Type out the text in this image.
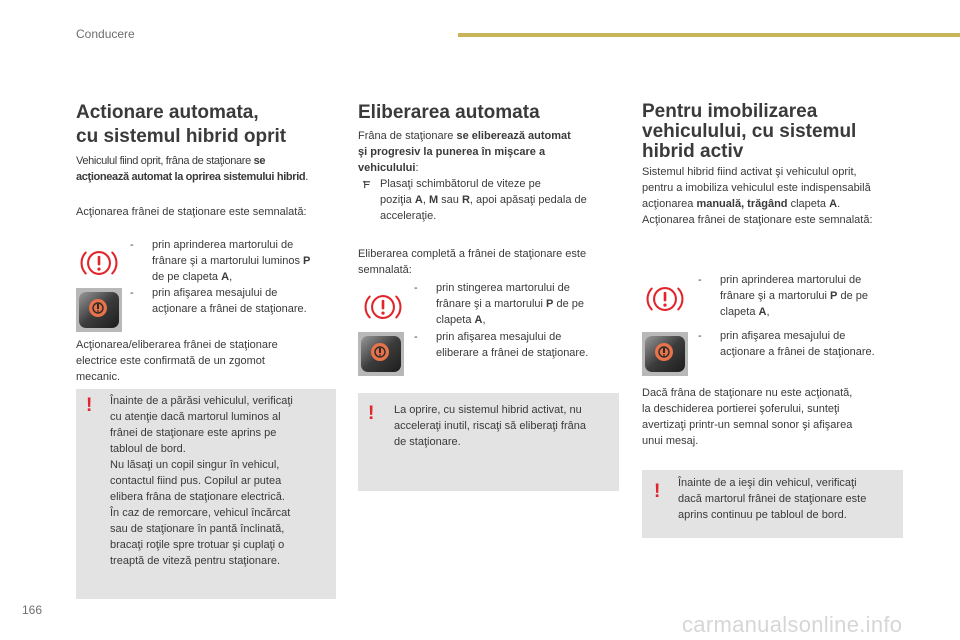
Conducere
Actionare automata,
cu sistemul hibrid oprit
Vehiculul fiind oprit, frâna de staţionare se
acţionează automat la oprirea sistemului hibrid.
Acţionarea frânei de staţionare este semnalată:
- prin aprinderea martorului de
frânare şi a martorului luminos P
de pe clapeta A,
- prin afişarea mesajului de
acţionare a frânei de staţionare.
Acţionarea/eliberarea frânei de staţionare
electrice este confirmată de un zgomot
mecanic.
! Înainte de a părăsi vehiculul, verificaţi
cu atenţie dacă martorul luminos al
frânei de staţionare este aprins pe
tabloul de bord.
Nu lăsaţi un copil singur în vehicul,
contactul fiind pus. Copilul ar putea
elibera frâna de staţionare electrică.
În caz de remorcare, vehicul încărcat
sau de staţionare în pantă înclinată,
bracaţi roţile spre trotuar şi cuplaţi o
treaptă de viteză pentru staţionare.
Eliberarea automata
Frâna de staţionare se eliberează automat
şi progresiv la punerea în mişcare a
vehiculului:
Plasaţi schimbătorul de viteze pe
poziţia A, M sau R, apoi apăsaţi pedala de
acceleraţie.
Eliberarea completă a frânei de staţionare este
semnalată:
- prin stingerea martorului de
frânare şi a martorului P de pe
clapeta A,
- prin afişarea mesajului de
eliberare a frânei de staţionare.
! La oprire, cu sistemul hibrid activat, nu
acceleraţi inutil, riscaţi să eliberaţi frâna
de staţionare.
Pentru imobilizarea
vehiculului, cu sistemul
hibrid activ
Sistemul hibrid fiind activat şi vehiculul oprit,
pentru a imobiliza vehiculul este indispensabilă
acţionarea manuală, trăgând clapeta A.
Acţionarea frânei de staţionare este semnalată:
- prin aprinderea martorului de
frânare şi a martorului P de pe
clapeta A,
- prin afişarea mesajului de
acţionare a frânei de staţionare.
Dacă frâna de staţionare nu este acţionată,
la deschiderea portierei şoferului, sunteţi
avertizaţi printr-un semnal sonor şi afişarea
unui mesaj.
! Înainte de a ieşi din vehicul, verificaţi
dacă martorul frânei de staţionare este
aprins continuu pe tabloul de bord.
166
carmanualsonline.info
